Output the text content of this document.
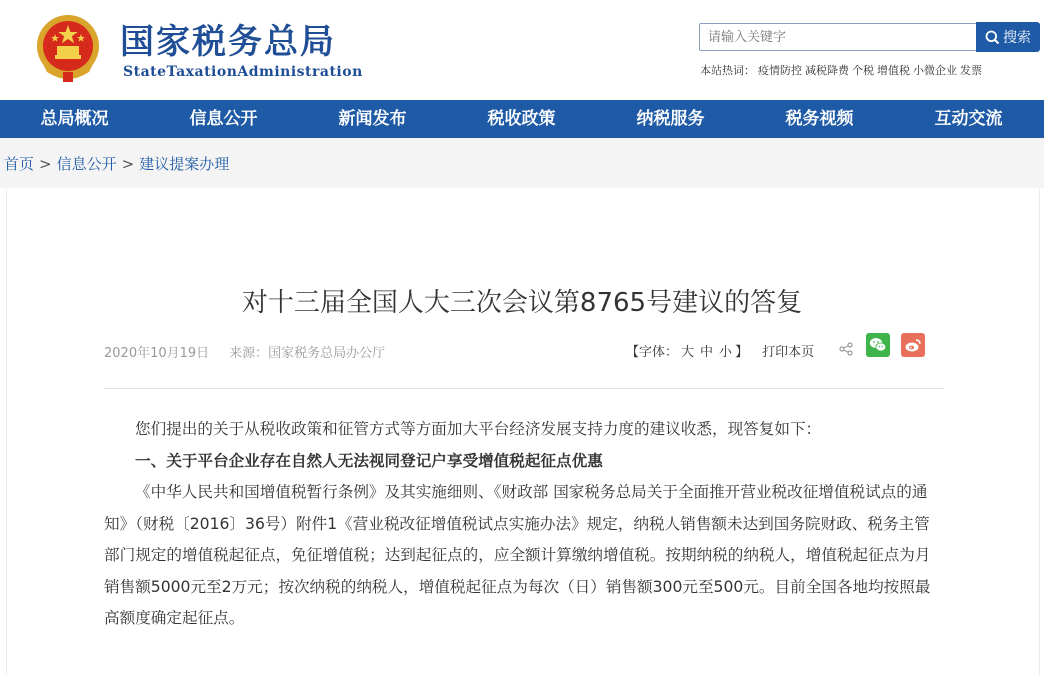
国家税务总局
StateTaxationAdministration
请输入关键字
搜索
本站热词： 疫情防控 减税降费 个税 增值税 小微企业 发票
总局概况	信息公开	新闻发布	税收政策	纳税服务	税务视频	互动交流
首页 > 信息公开 > 建议提案办理
对十三届全国人大三次会议第8765号建议的答复
2020年10月19日 来源：国家税务总局办公厅	【字体： 大 中 小 】 打印本页

您们提出的关于从税收政策和征管方式等方面加大平台经济发展支持力度的建议收悉，现答复如下：

一、关于平台企业存在自然人无法视同登记户享受增值税起征点优惠

《中华人民共和国增值税暂行条例》及其实施细则、《财政部 国家税务总局关于全面推开营业税改征增值税试点的通知》（财税〔2016〕36号）附件1《营业税改征增值税试点实施办法》规定，纳税人销售额未达到国务院财政、税务主管部门规定的增值税起征点，免征增值税；达到起征点的，应全额计算缴纳增值税。按期纳税的纳税人，增值税起征点为月销售额5000元至2万元；按次纳税的纳税人，增值税起征点为每次（日）销售额300元至500元。目前全国各地均按照最高额度确定起征点。
